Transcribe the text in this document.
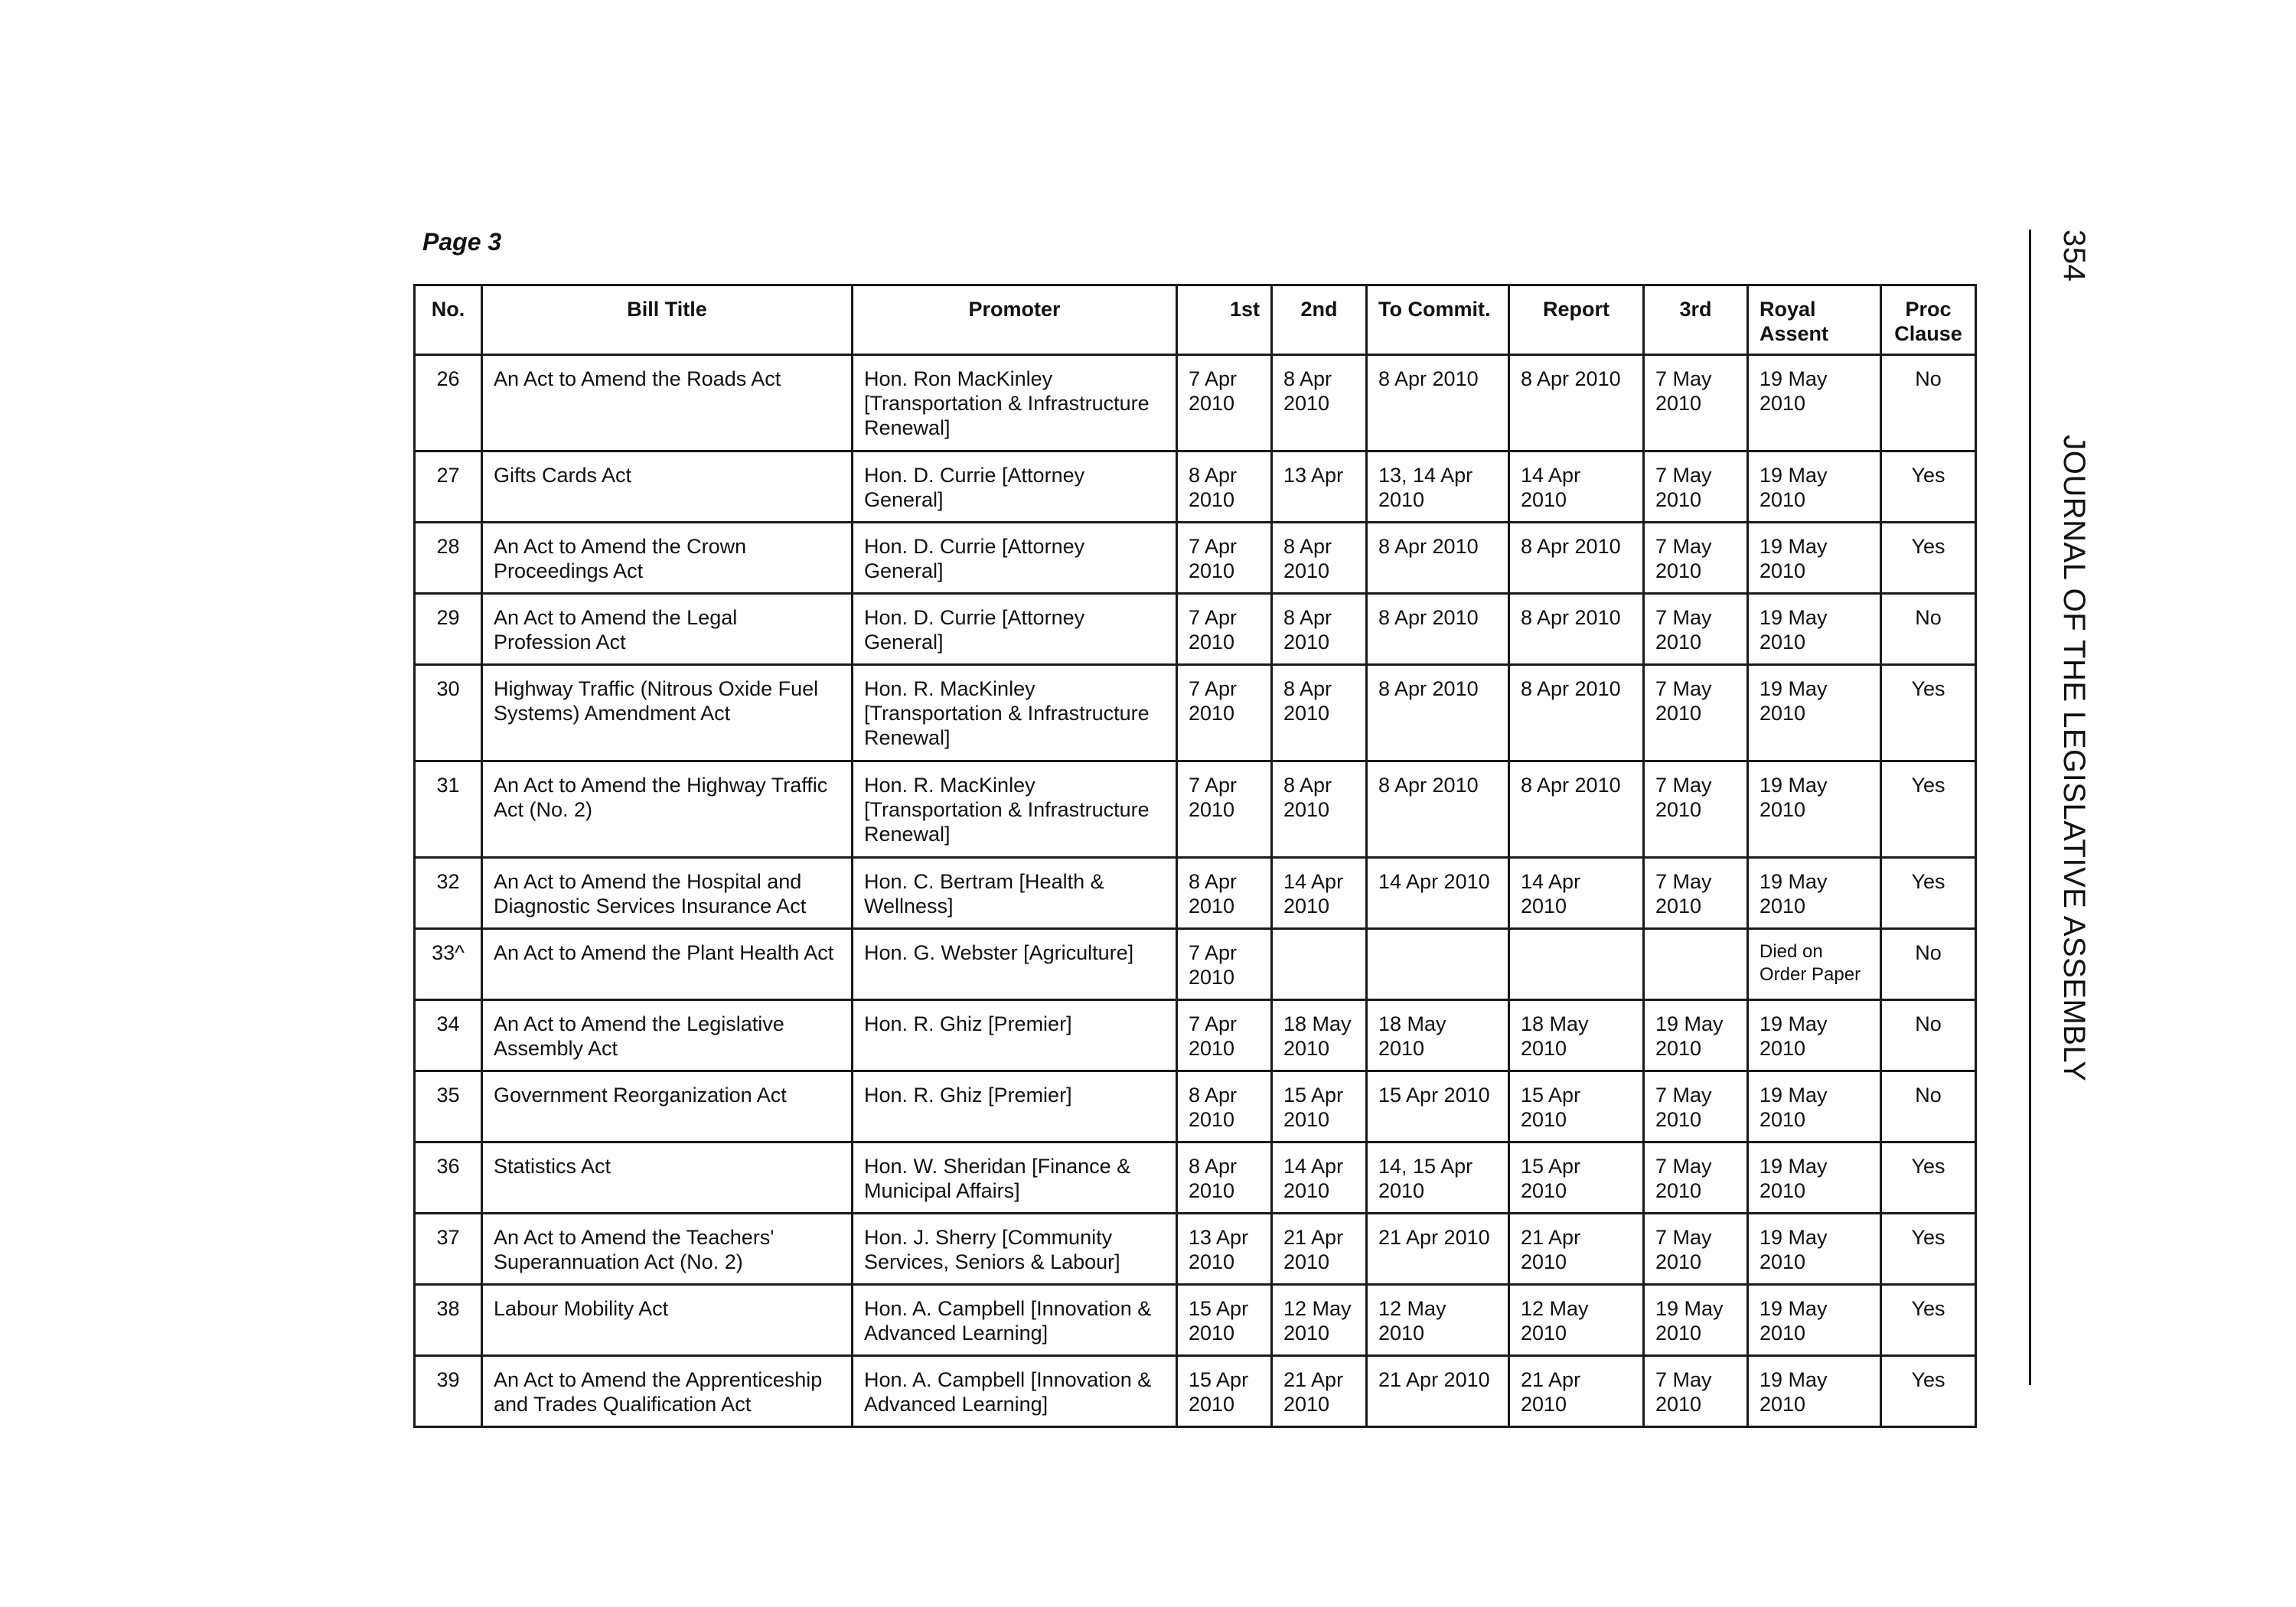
Page 3
No.	Bill Title	Promoter	1st	2nd	To Commit.	Report	3rd	Royal Assent	Proc Clause
26	An Act to Amend the Roads Act	Hon. Ron MacKinley [Transportation & Infrastructure Renewal]	7 Apr 2010	8 Apr 2010	8 Apr 2010	8 Apr 2010	7 May 2010	19 May 2010	No
27	Gifts Cards Act	Hon. D. Currie [Attorney General]	8 Apr 2010	13 Apr	13, 14 Apr 2010	14 Apr 2010	7 May 2010	19 May 2010	Yes
28	An Act to Amend the Crown Proceedings Act	Hon. D. Currie [Attorney General]	7 Apr 2010	8 Apr 2010	8 Apr 2010	8 Apr 2010	7 May 2010	19 May 2010	Yes
29	An Act to Amend the Legal Profession Act	Hon. D. Currie [Attorney General]	7 Apr 2010	8 Apr 2010	8 Apr 2010	8 Apr 2010	7 May 2010	19 May 2010	No
30	Highway Traffic (Nitrous Oxide Fuel Systems) Amendment Act	Hon. R. MacKinley [Transportation & Infrastructure Renewal]	7 Apr 2010	8 Apr 2010	8 Apr 2010	8 Apr 2010	7 May 2010	19 May 2010	Yes
31	An Act to Amend the Highway Traffic Act (No. 2)	Hon. R. MacKinley [Transportation & Infrastructure Renewal]	7 Apr 2010	8 Apr 2010	8 Apr 2010	8 Apr 2010	7 May 2010	19 May 2010	Yes
32	An Act to Amend the Hospital and Diagnostic Services Insurance Act	Hon. C. Bertram [Health & Wellness]	8 Apr 2010	14 Apr 2010	14 Apr 2010	14 Apr 2010	7 May 2010	19 May 2010	Yes
33^	An Act to Amend the Plant Health Act	Hon. G. Webster [Agriculture]	7 Apr 2010					Died on Order Paper	No
34	An Act to Amend the Legislative Assembly Act	Hon. R. Ghiz [Premier]	7 Apr 2010	18 May 2010	18 May 2010	18 May 2010	19 May 2010	19 May 2010	No
35	Government Reorganization Act	Hon. R. Ghiz [Premier]	8 Apr 2010	15 Apr 2010	15 Apr 2010	15 Apr 2010	7 May 2010	19 May 2010	No
36	Statistics Act	Hon. W. Sheridan [Finance & Municipal Affairs]	8 Apr 2010	14 Apr 2010	14, 15 Apr 2010	15 Apr 2010	7 May 2010	19 May 2010	Yes
37	An Act to Amend the Teachers' Superannuation Act (No. 2)	Hon. J. Sherry [Community Services, Seniors & Labour]	13 Apr 2010	21 Apr 2010	21 Apr 2010	21 Apr 2010	7 May 2010	19 May 2010	Yes
38	Labour Mobility Act	Hon. A. Campbell [Innovation & Advanced Learning]	15 Apr 2010	12 May 2010	12 May 2010	12 May 2010	19 May 2010	19 May 2010	Yes
39	An Act to Amend the Apprenticeship and Trades Qualification Act	Hon. A. Campbell [Innovation & Advanced Learning]	15 Apr 2010	21 Apr 2010	21 Apr 2010	21 Apr 2010	7 May 2010	19 May 2010	Yes
354JOURNAL OF THE LEGISLATIVE ASSEMBLY
